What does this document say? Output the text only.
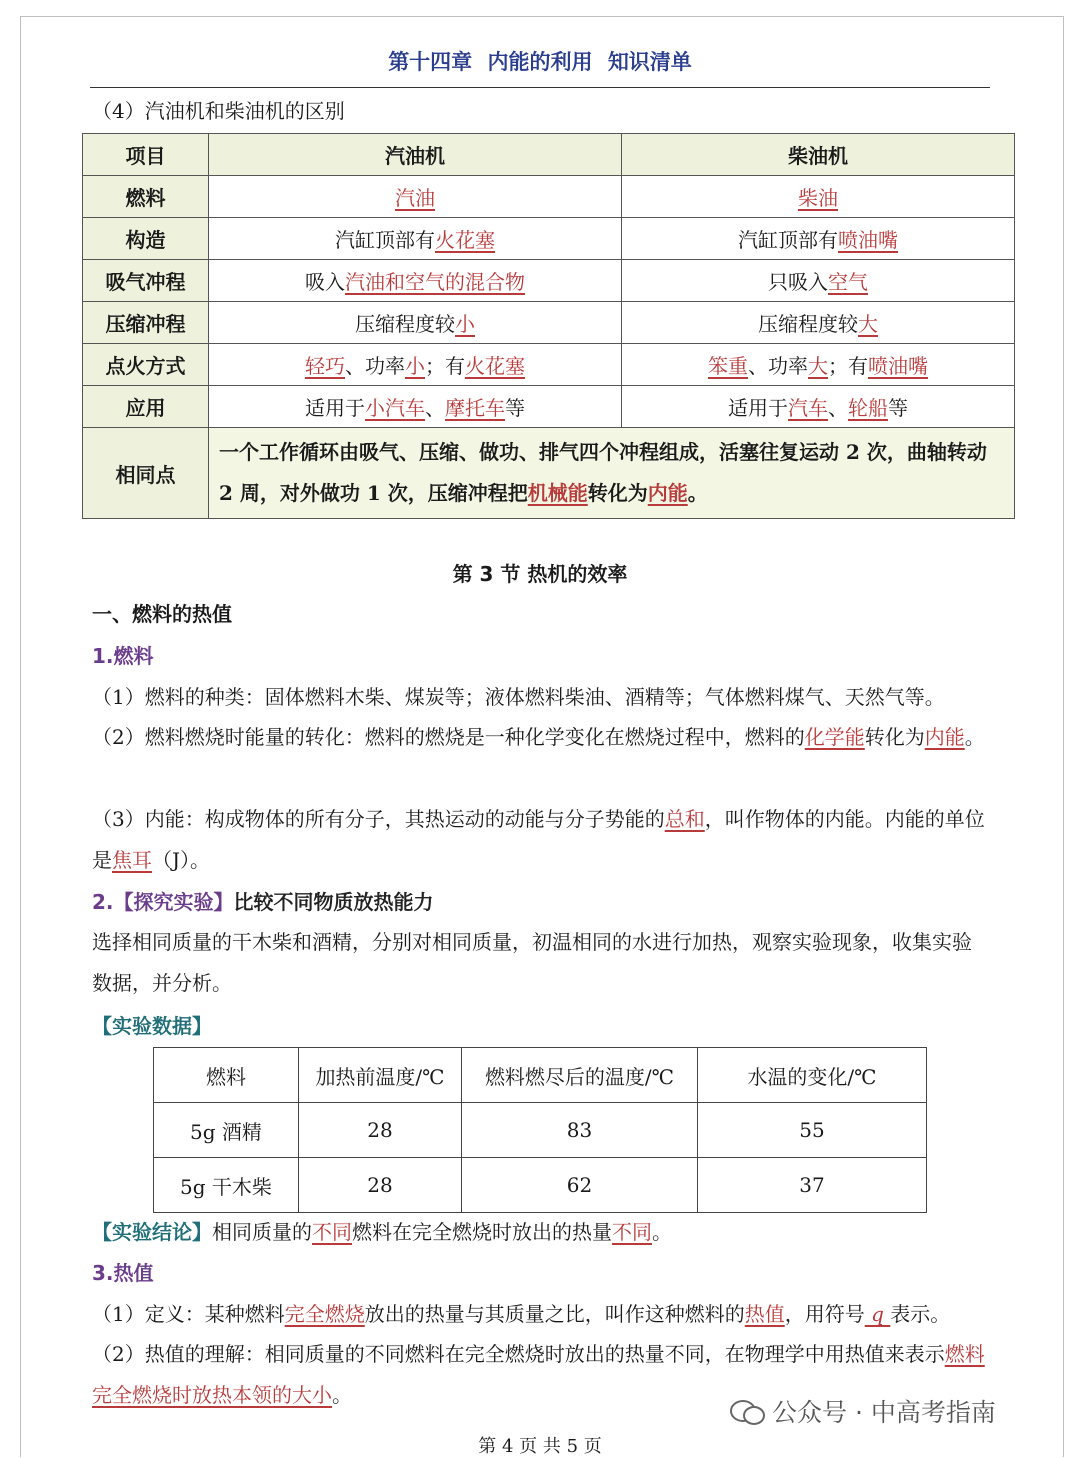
第十四章 内能的利用 知识清单
（4）汽油机和柴油机的区别
项目	汽油机	柴油机
燃料	汽油	柴油
构造	汽缸顶部有火花塞	汽缸顶部有喷油嘴
吸气冲程	吸入汽油和空气的混合物	只吸入空气
压缩冲程	压缩程度较小	压缩程度较大
点火方式	轻巧、功率小；有火花塞	笨重、功率大；有喷油嘴
应用	适用于小汽车、摩托车等	适用于汽车、轮船等
相同点	一个工作循环由吸气、压缩、做功、排气四个冲程组成，活塞往复运动 2 次，曲轴转动 2 周，对外做功 1 次，压缩冲程把机械能转化为内能。	
第 3 节 热机的效率
一、燃料的热值
1.燃料
（1）燃料的种类：固体燃料木柴、煤炭等；液体燃料柴油、酒精等；气体燃料煤气、天然气等。
（2）燃料燃烧时能量的转化：燃料的燃烧是一种化学变化在燃烧过程中，燃料的化学能转化为内能。
（3）内能：构成物体的所有分子，其热运动的动能与分子势能的总和，叫作物体的内能。内能的单位是焦耳（J）。
2.【探究实验】比较不同物质放热能力
选择相同质量的干木柴和酒精，分别对相同质量，初温相同的水进行加热，观察实验现象，收集实验数据，并分析。
【实验数据】
燃料	加热前温度/℃	燃料燃尽后的温度/℃	水温的变化/℃
5g 酒精	28	83	55
5g 干木柴	28	62	37
【实验结论】相同质量的不同燃料在完全燃烧时放出的热量不同。
3.热值
（1）定义：某种燃料完全燃烧放出的热量与其质量之比，叫作这种燃料的热值，用符号 q 表示。
（2）热值的理解：相同质量的不同燃料在完全燃烧时放出的热量不同，在物理学中用热值来表示燃料完全燃烧时放热本领的大小。
公众号 · 中高考指南
第 4 页 共 5 页
